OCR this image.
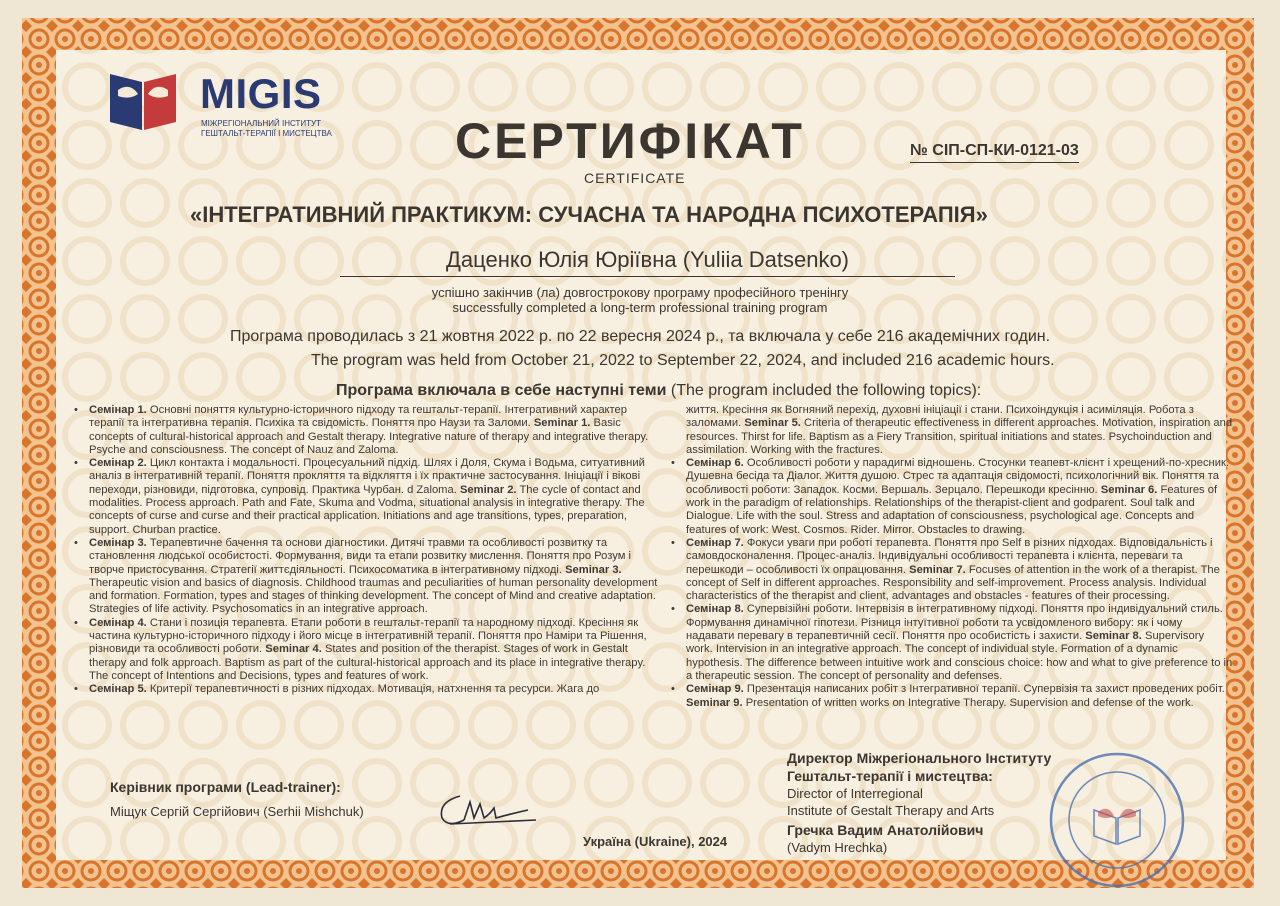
MIGIS
МІЖРЕГІОНАЛЬНИЙ ІНСТИТУТ
ГЕШТАЛЬТ-ТЕРАПІЇ І МИСТЕЦТВА СЕРТИФІКАТ
CERTIFICATE
№ СІП-СП-КИ-0121-03
«ІНТЕГРАТИВНИЙ ПРАКТИКУМ: СУЧАСНА ТА НАРОДНА ПСИХОТЕРАПІЯ»
Даценко Юлія Юріївна (Yuliia Datsenko)
успішно закінчив (ла) довгострокову програму професійного тренінгу
successfully completed a long-term professional training program
Програма проводилась з 21 жовтня 2022 р. по 22 вересня 2024 р., та включала у себе 216 академічних годин.
The program was held from October 21, 2022 to September 22, 2024, and included 216 academic hours.
Програма включала в себе наступні теми (The program included the following topics):

• Семінар 1. Основні поняття культурно-історичного підходу та гештальт-терапії. Інтегративний характер терапії та інтегративна терапія. Психіка та свідомість. Поняття про Наузи та Заломи. Seminar 1. Basic concepts of cultural-historical approach and Gestalt therapy. Integrative nature of therapy and integrative therapy. Psyche and consciousness. The concept of Nauz and Zaloma.

• Семінар 2. Цикл контакта і модальності. Процесуальний підхід. Шлях і Доля, Скума і Водьма, ситуативний аналіз в інтегративній терапії. Поняття прокляття та відкляття і їх практичне застосування. Ініціації і вікові переходи, різновиди, підготовка, супровід. Практика Чурбан. d Zaloma. Seminar 2. The cycle of contact and modalities. Process approach. Path and Fate, Skuma and Vodma, situational analysis in integrative therapy. The concepts of curse and curse and their practical application. Initiations and age transitions, types, preparation, support. Churban practice.

• Семінар 3. Терапевтичне бачення та основи діагностики. Дитячі травми та особливості розвитку та становлення людської особистості. Формування, види та етапи розвитку мислення. Поняття про Розум і творче пристосування. Стратегії життєдіяльності. Психосоматика в інтегративному підході. Seminar 3. Therapeutic vision and basics of diagnosis. Childhood traumas and peculiarities of human personality development and formation. Formation, types and stages of thinking development. The concept of Mind and creative adaptation. Strategies of life activity. Psychosomatics in an integrative approach.

• Семінар 4. Стани і позиція терапевта. Етапи роботи в гештальт-терапії та народному підході. Кресіння як частина культурно-історичного підходу і його місце в інтегративній терапії. Поняття про Наміри та Рішення, різновиди та особливості роботи. Seminar 4. States and position of the therapist. Stages of work in Gestalt therapy and folk approach. Baptism as part of the cultural-historical approach and its place in integrative therapy. The concept of Intentions and Decisions, types and features of work.

• Семінар 5. Критерії терапевтичності в різних підходах. Мотивація, натхнення та ресурси. Жага до

життя. Кресіння як Вогняний перехід, духовні ініціації і стани. Психоіндукція і асиміляція. Робота з заломами. Seminar 5. Criteria of therapeutic effectiveness in different approaches. Motivation, inspiration and resources. Thirst for life. Baptism as a Fiery Transition, spiritual initiations and states. Psychoinduction and assimilation. Working with the fractures.

• Семінар 6. Особливості роботи у парадигмі відношень. Стосунки теапевт-клієнт і хрещений-по-хресник. Душевна бесіда та Діалог. Життя душою. Стрес та адаптація свідомості, психологічний вік. Поняття та особливості роботи: Западок. Косми. Вершаль. Зерцало. Перешкоди кресінню. Seminar 6. Features of work in the paradigm of relationships. Relationships of the therapist-client and godparent. Soul talk and Dialogue. Life with the soul. Stress and adaptation of consciousness, psychological age. Concepts and features of work: West. Cosmos. Rider. Mirror. Obstacles to drawing.

• Семінар 7. Фокуси уваги при роботі терапевта. Поняття про Self в різних підходах. Відповідальність і самовдосконалення. Процес-аналіз. Індивідуальні особливості терапевта і клієнта, переваги та перешкоди – особливості їх опрацювання. Seminar 7. Focuses of attention in the work of a therapist. The concept of Self in different approaches. Responsibility and self-improvement. Process analysis. Individual characteristics of the therapist and client, advantages and obstacles - features of their processing.

• Семінар 8. Супервізійні роботи. Інтервізія в інтегративному підході. Поняття про індивідуальний стиль. Формування динамічної гіпотези. Різниця інтуїтивної роботи та усвідомленого вибору: як і чому надавати перевагу в терапевтичній сесії. Поняття про особистість і захисти. Seminar 8. Supervisory work. Intervision in an integrative approach. The concept of individual style. Formation of a dynamic hypothesis. The difference between intuitive work and conscious choice: how and what to give preference to in a therapeutic session. The concept of personality and defenses.

• Семінар 9. Презентація написаних робіт з Інтегративної терапії. Супервізія та захист проведених робіт. Seminar 9. Presentation of written works on Integrative Therapy. Supervision and defense of the work.

Керівник програми (Lead-trainer):
Міщук Сергій Сергійович (Serhii Mishchuk)
Україна (Ukraine), 2024
Директор Міжрегіонального Інституту
Гештальт-терапії і мистецтва:
Director of Interregional
Institute of Gestalt Therapy and Arts
Гречка Вадим Анатолійович
(Vadym Hrechka)
